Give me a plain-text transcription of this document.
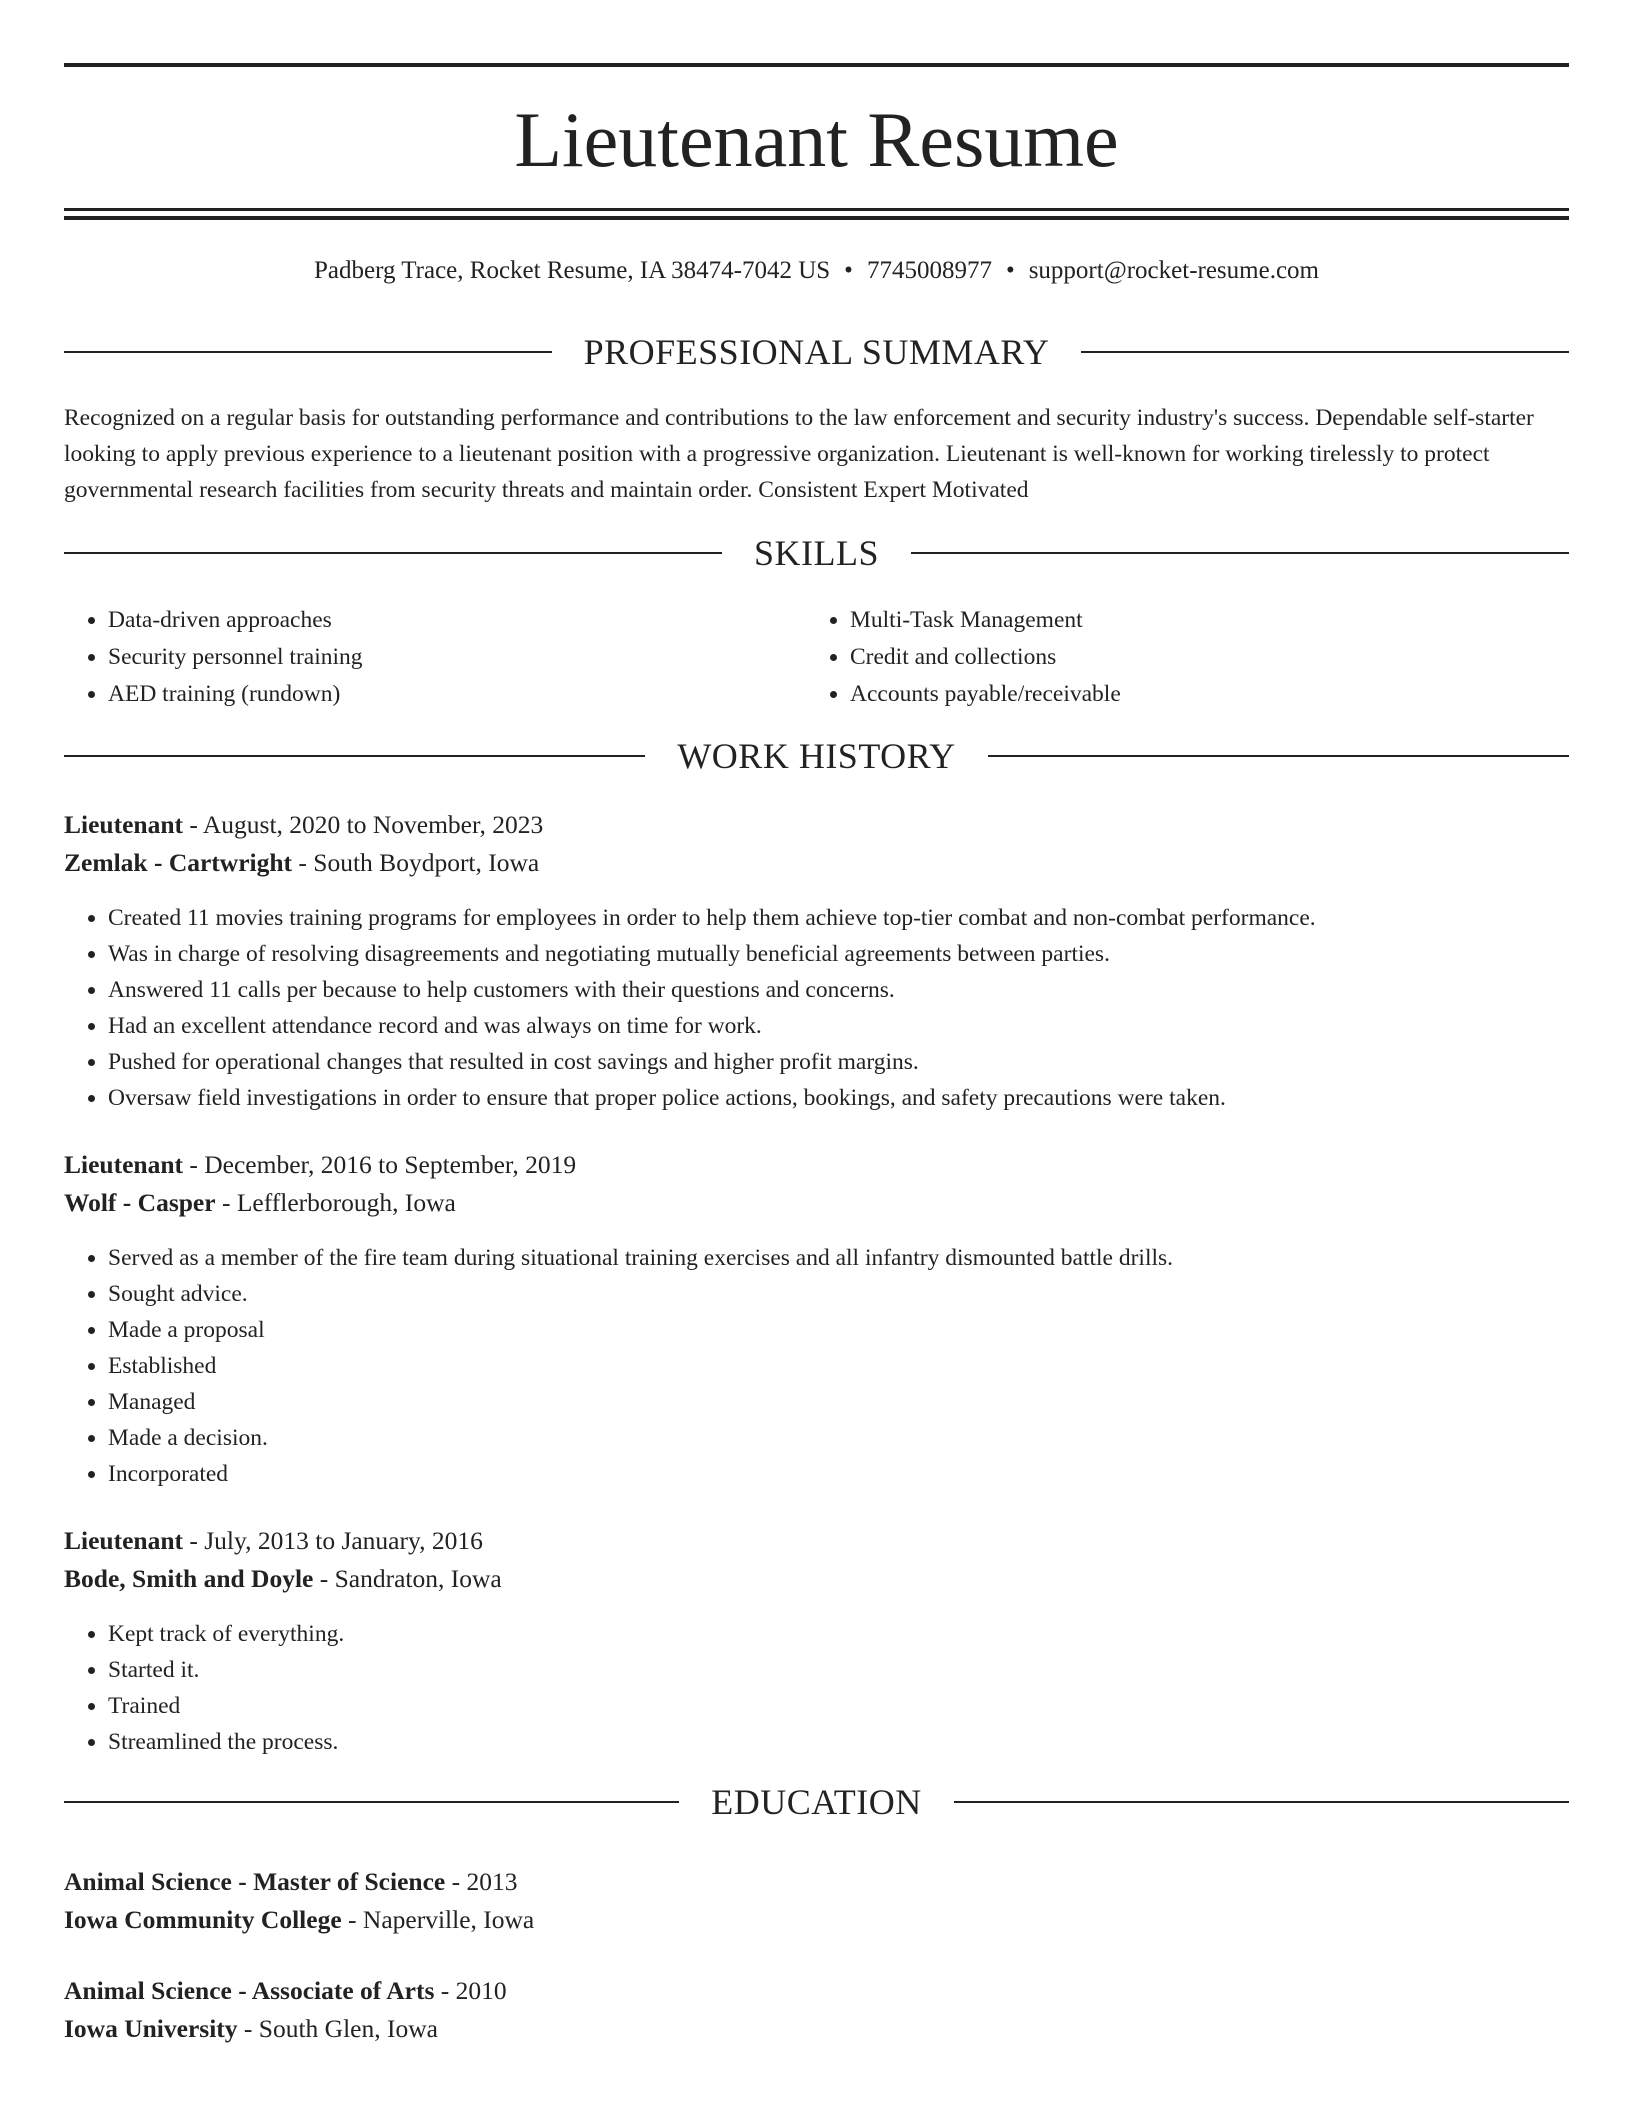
Lieutenant Resume
Padberg Trace, Rocket Resume, IA 38474-7042 US • 7745008977 • support@rocket-resume.com
PROFESSIONAL SUMMARY

Recognized on a regular basis for outstanding performance and contributions to the law enforcement and security industry's success. Dependable self-starter looking to apply previous experience to a lieutenant position with a progressive organization. Lieutenant is well-known for working tirelessly to protect governmental research facilities from security threats and maintain order. Consistent Expert Motivated

SKILLS
• Data-driven approaches
• Security personnel training
• AED training (rundown)
• Multi-Task Management
• Credit and collections
• Accounts payable/receivable
WORK HISTORY
Lieutenant - August, 2020 to November, 2023
Zemlak - Cartwright - South Boydport, Iowa
• Created 11 movies training programs for employees in order to help them achieve top-tier combat and non-combat performance.
• Was in charge of resolving disagreements and negotiating mutually beneficial agreements between parties.
• Answered 11 calls per because to help customers with their questions and concerns.
• Had an excellent attendance record and was always on time for work.
• Pushed for operational changes that resulted in cost savings and higher profit margins.
• Oversaw field investigations in order to ensure that proper police actions, bookings, and safety precautions were taken.
Lieutenant - December, 2016 to September, 2019
Wolf - Casper - Lefflerborough, Iowa
• Served as a member of the fire team during situational training exercises and all infantry dismounted battle drills.
• Sought advice.
• Made a proposal
• Established
• Managed
• Made a decision.
• Incorporated
Lieutenant - July, 2013 to January, 2016
Bode, Smith and Doyle - Sandraton, Iowa
• Kept track of everything.
• Started it.
• Trained
• Streamlined the process.
EDUCATION
Animal Science - Master of Science - 2013
Iowa Community College - Naperville, Iowa
Animal Science - Associate of Arts - 2010
Iowa University - South Glen, Iowa
